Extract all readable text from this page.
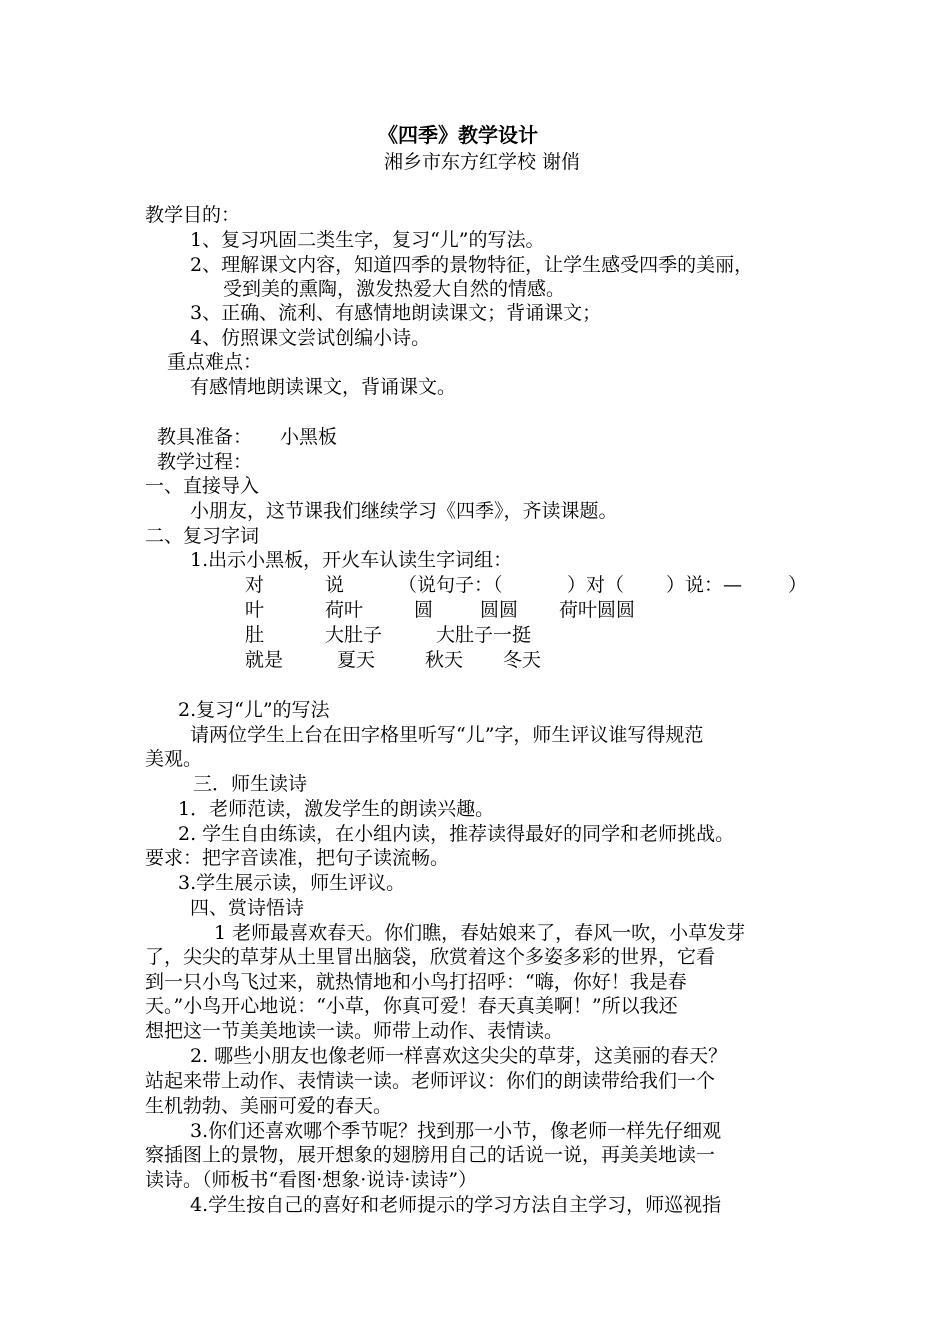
《四季》教学设计
湘乡市东方红学校 谢俏
教学目的：
1、复习巩固二类生字，复习“儿”的写法。
2、理解课文内容，知道四季的景物特征，让学生感受四季的美丽，
受到美的熏陶，激发热爱大自然的情感。
3、正确、流利、有感情地朗读课文；背诵课文；
4、仿照课文尝试创编小诗。
重点难点：
有感情地朗读课文，背诵课文。
教具准备： 小黑板
教学过程：
一、直接导入
小朋友，这节课我们继续学习《四季》，齐读课题。
二、复习字词
1.出示小黑板，开火车认读生字词组：
对	说	（说句子：（	）对（ ）说：— ）
叶	荷叶	圆 圆圆 荷叶圆圆
肚	大肚子	大肚子一挺
就是	夏天	秋天 冬天
2.复习“儿”的写法
请两位学生上台在田字格里听写“儿”字，师生评议谁写得规范
美观。
三．师生读诗
1．老师范读，激发学生的朗读兴趣。
2. 学生自由练读，在小组内读，推荐读得最好的同学和老师挑战。
要求：把字音读准，把句子读流畅。
3.学生展示读，师生评议。
四、赏诗悟诗
1 老师最喜欢春天。你们瞧，春姑娘来了，春风一吹，小草发芽
了，尖尖的草芽从土里冒出脑袋，欣赏着这个多姿多彩的世界，它看
到一只小鸟飞过来，就热情地和小鸟打招呼：“嗨，你好！我是春
天。”小鸟开心地说：“小草，你真可爱！春天真美啊！”所以我还
想把这一节美美地读一读。师带上动作、表情读。
2. 哪些小朋友也像老师一样喜欢这尖尖的草芽，这美丽的春天？
站起来带上动作、表情读一读。老师评议：你们的朗读带给我们一个
生机勃勃、美丽可爱的春天。
3.你们还喜欢哪个季节呢？找到那一小节，像老师一样先仔细观
察插图上的景物，展开想象的翅膀用自己的话说一说，再美美地读一
读诗。（师板书“看图·想象·说诗·读诗”）
4.学生按自己的喜好和老师提示的学习方法自主学习，师巡视指
